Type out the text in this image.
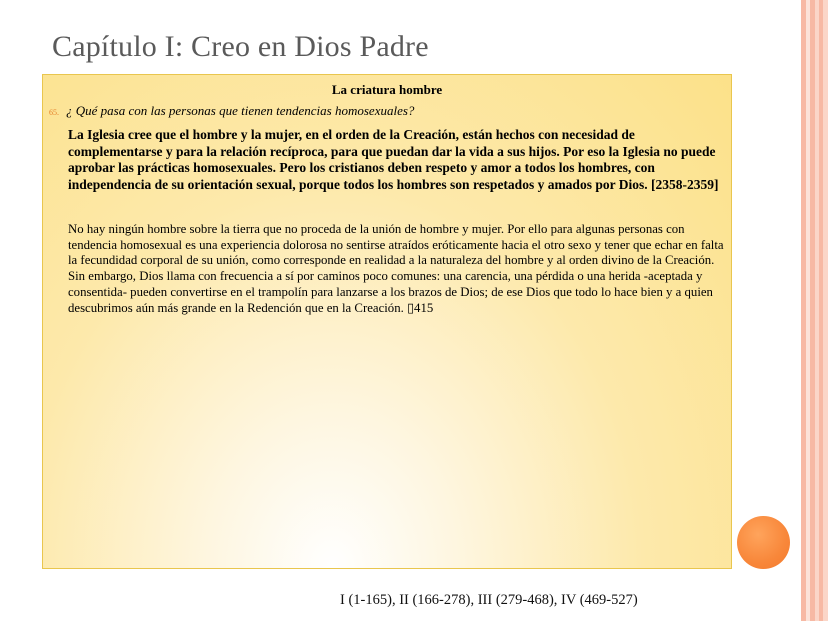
Capítulo I: Creo en Dios Padre
La criatura hombre
65. ¿ Qué pasa con las personas que tienen tendencias homosexuales?

La Iglesia cree que el hombre y la mujer, en el orden de la Creación, están hechos con necesidad de complementarse y para la relación recíproca, para que puedan dar la vida a sus hijos. Por eso la Iglesia no puede aprobar las prácticas homosexuales. Pero los cristianos deben respeto y amor a todos los hombres, con independencia de su orientación sexual, porque todos los hombres son respetados y amados por Dios. [2358-2359]

No hay ningún hombre sobre la tierra que no proceda de la unión de hombre y mujer. Por ello para algunas personas con tendencia homosexual es una experiencia dolorosa no sentirse atraídos eróticamente hacia el otro sexo y tener que echar en falta la fecundidad corporal de su unión, como corresponde en realidad a la naturaleza del hombre y al orden divino de la Creación. Sin embargo, Dios llama con frecuencia a sí por caminos poco comunes: una carencia, una pérdida o una herida -aceptada y consentida- pueden convertirse en el trampolín para lanzarse a los brazos de Dios; de ese Dios que todo lo hace bien y a quien descubrimos aún más grande en la Redención que en la Creación. ▯415

I (1-165), II (166-278), III (279-468), IV (469-527)
